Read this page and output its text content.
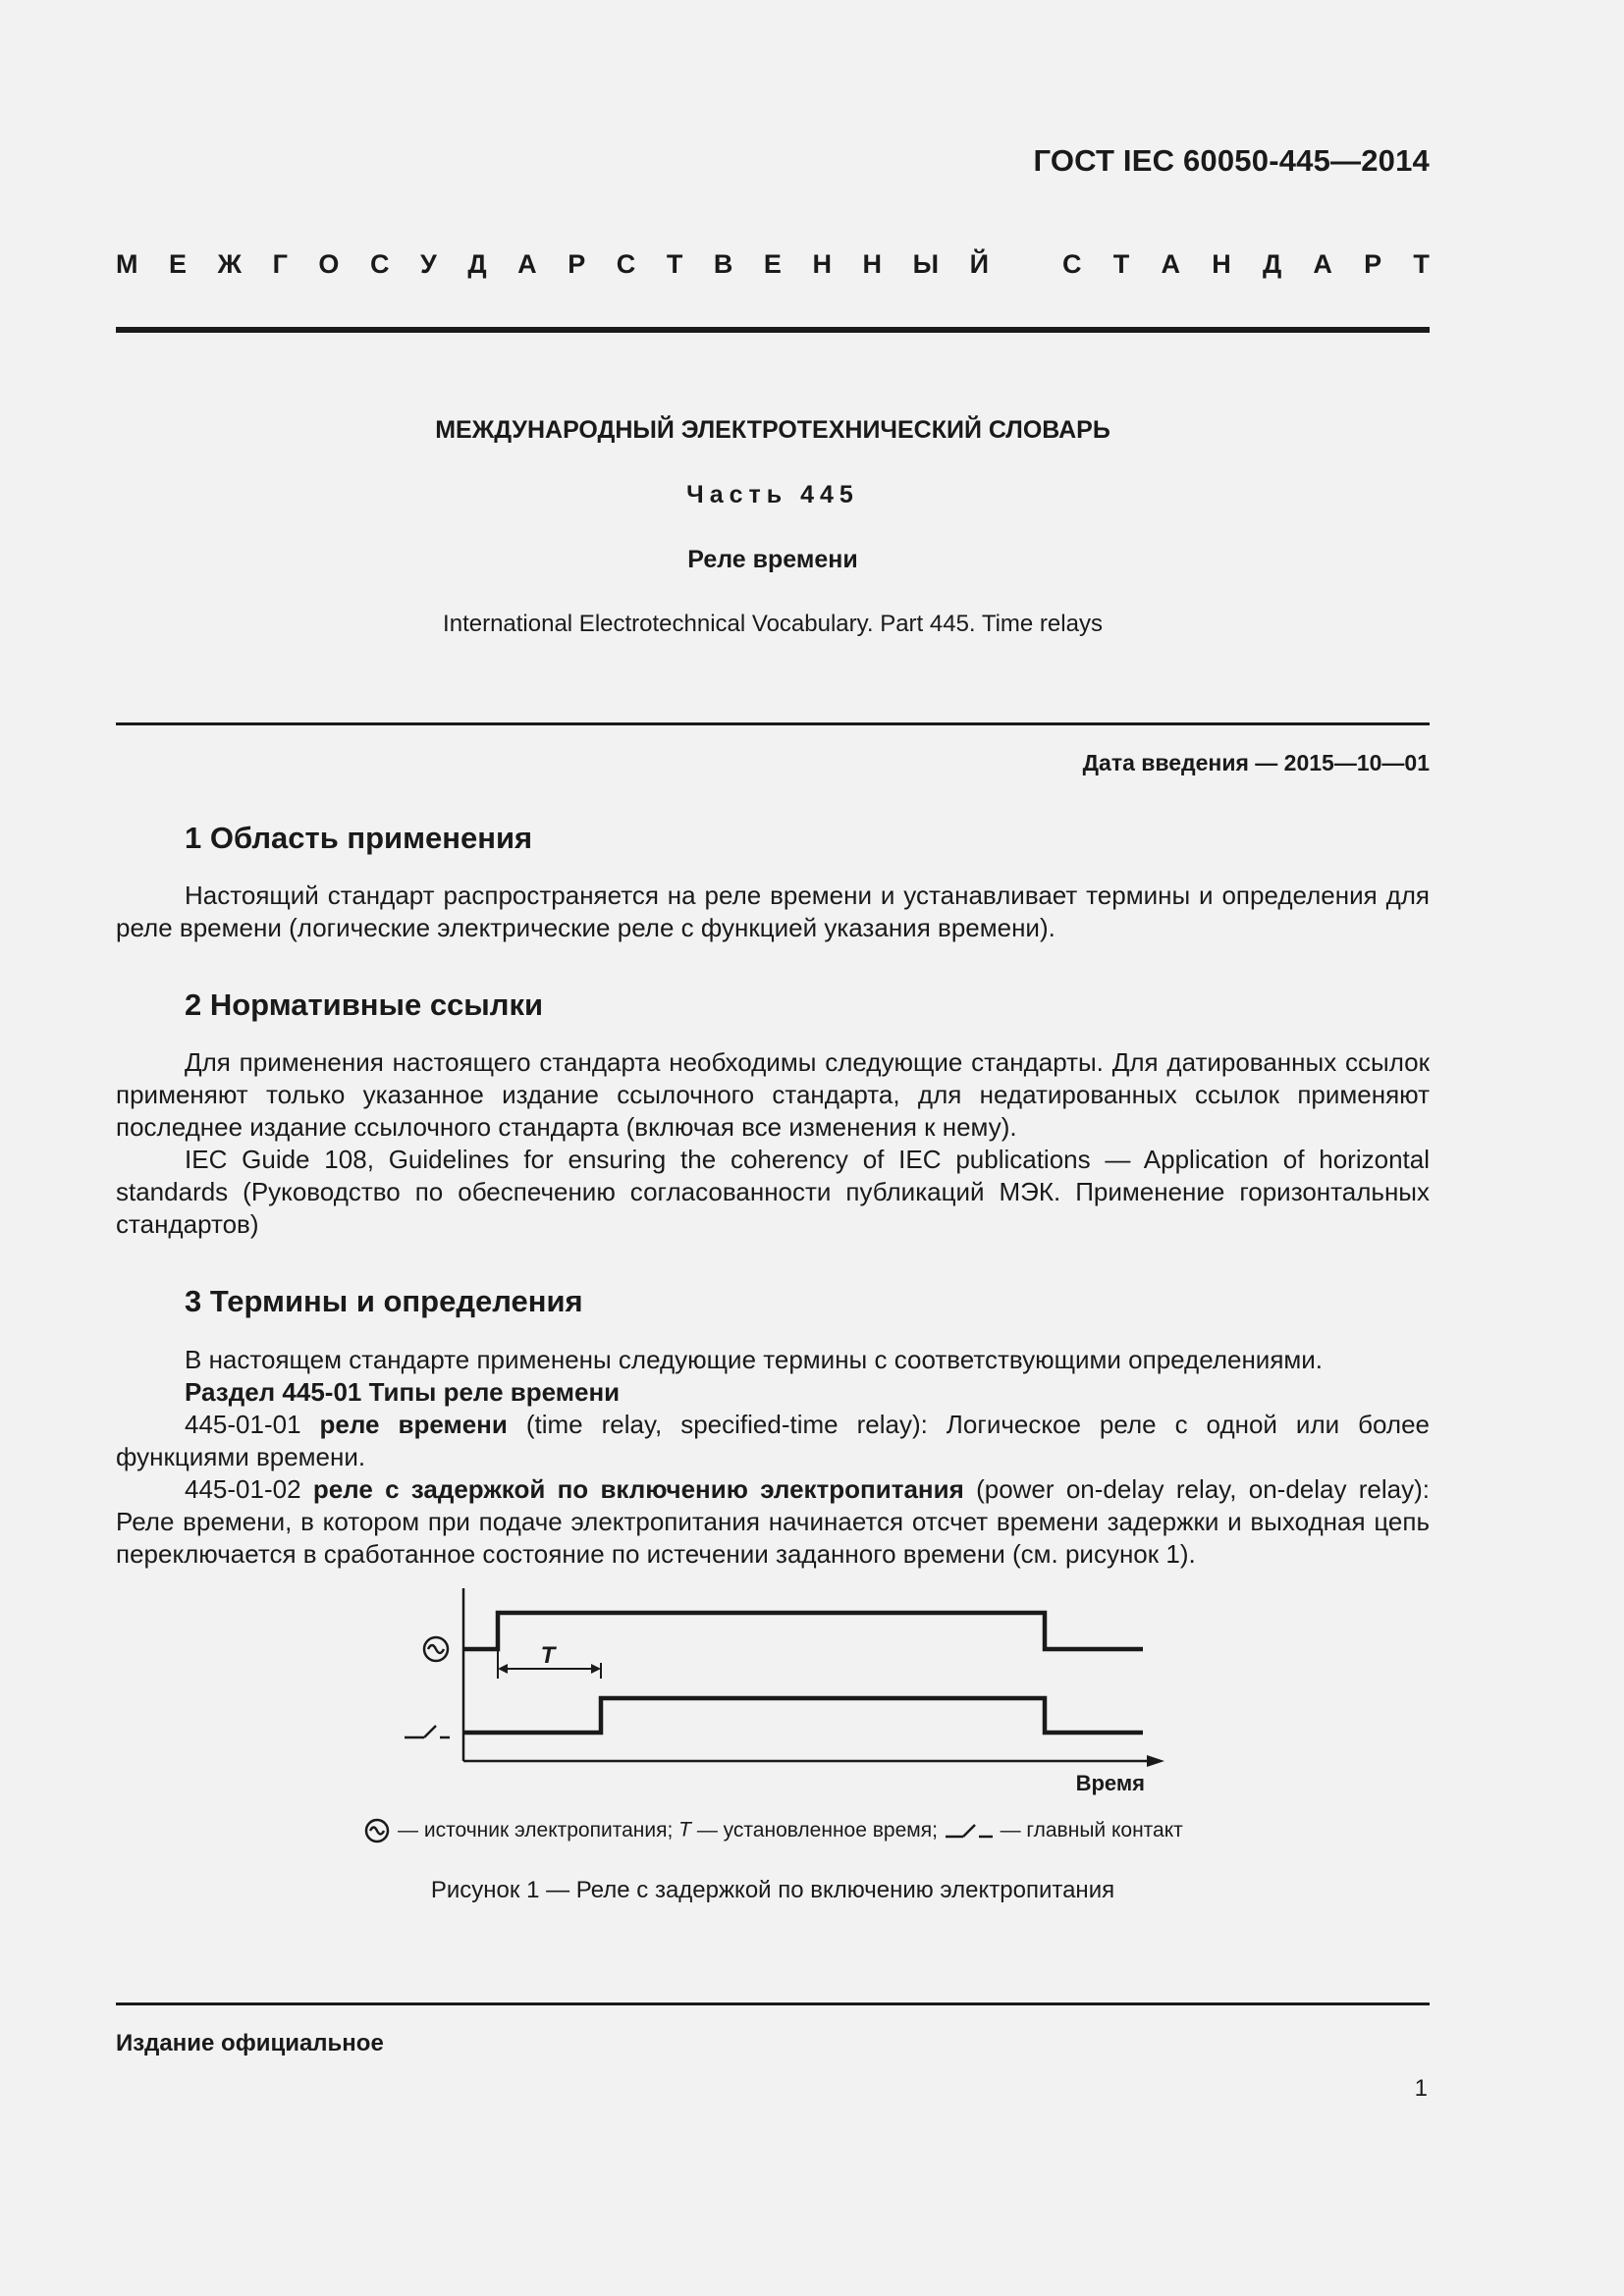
ГОСТ IEC 60050-445—2014
М Е Ж Г О С У Д А Р С Т В Е Н Н Ы Й	С Т А Н Д А Р Т
МЕЖДУНАРОДНЫЙ ЭЛЕКТРОТЕХНИЧЕСКИЙ СЛОВАРЬ
Часть 445
Реле времени
International Electrotechnical Vocabulary. Part 445. Time relays
Дата введения — 2015—10—01
1 Область применения
Настоящий стандарт распространяется на реле времени и устанавливает термины и определения для реле времени (логические электрические реле с функцией указания времени).
2 Нормативные ссылки
Для применения настоящего стандарта необходимы следующие стандарты. Для датированных ссылок применяют только указанное издание ссылочного стандарта, для недатированных ссылок применяют последнее издание ссылочного стандарта (включая все изменения к нему).
IEC Guide 108, Guidelines for ensuring the coherency of IEC publications — Application of horizontal standards (Руководство по обеспечению согласованности публикаций МЭК. Применение горизонтальных стандартов)
3 Термины и определения
В настоящем стандарте применены следующие термины с соответствующими определениями.
Раздел 445-01 Типы реле времени
445-01-01 реле времени (time relay, specified-time relay): Логическое реле с одной или более функциями времени.
445-01-02 реле с задержкой по включению электропитания (power on-delay relay, on-delay relay): Реле времени, в котором при подаче электропитания начинается отсчет времени задержки и выходная цепь переключается в сработанное состояние по истечении заданного времени (см. рисунок 1).
T
Время
— источник электропитания; T — установленное время;	— главный контакт
Рисунок 1 — Реле с задержкой по включению электропитания
Издание официальное
1
